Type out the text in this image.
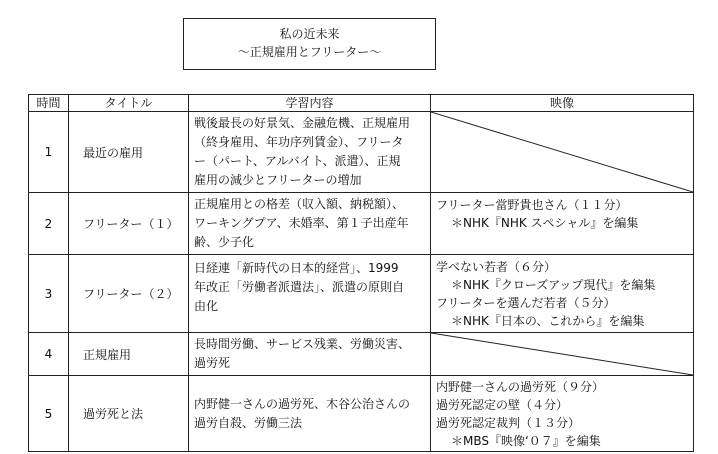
私の近未来
～正規雇用とフリーター～
時間	タイトル	学習内容	映像
1	最近の雇用	戦後最長の好景気、金融危機、正規雇用
（終身雇用、年功序列賃金）、フリータ
ー（パート、アルバイト、派遣）、正規
雇用の減少とフリーターの増加

2	フリーター（１）	正規雇用との格差（収入額、納税額）、
ワーキングプア、未婚率、第１子出産年
齢、少子化	フリーター當野貴也さん（１１分）
＊NHK『NHK スペシャル』を編集

3	フリーター（２）	日経連「新時代の日本的経営」、1999
年改正「労働者派遣法」、派遣の原則自
由化	学べない若者（６分）
＊NHK『クローズアップ現代』を編集
フリーターを選んだ若者（５分）
＊NHK『日本の、これから』を編集

4	正規雇用	長時間労働、サービス残業、労働災害、
過労死

5	過労死と法	内野健一さんの過労死、木谷公治さんの
過労自殺、労働三法	内野健一さんの過労死（９分）
過労死認定の壁（４分）
過労死認定裁判（１３分）
＊MBS『映像‘０７』を編集
